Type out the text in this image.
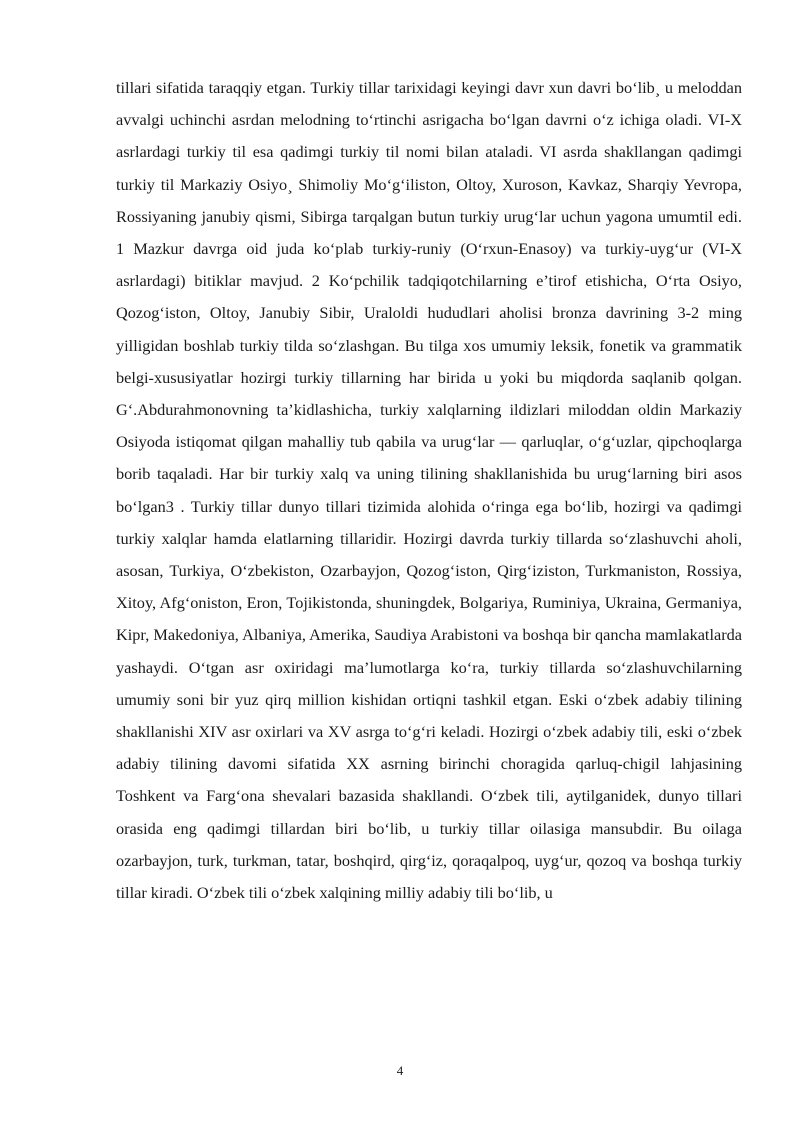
tillari sifatida taraqqiy etgan. Turkiy tillar tarixidagi keyingi davr xun davri bo‘lib¸ u meloddan avvalgi uchinchi asrdan melodning to‘rtinchi asrigacha bo‘lgan davrni o‘z ichiga oladi. VI-X asrlardagi turkiy til esa qadimgi turkiy til nomi bilan ataladi. VI asrda shakllangan qadimgi turkiy til Markaziy Osiyo¸ Shimoliy Mo‘g‘iliston, Oltoy, Xuroson, Kavkaz, Sharqiy Yevropa, Rossiyaning janubiy qismi, Sibirga tarqalgan butun turkiy urug‘lar uchun yagona umumtil edi. 1 Mazkur davrga oid juda ko‘plab turkiy-runiy (O‘rxun-Enasoy) va turkiy-uyg‘ur (VI-X asrlardagi) bitiklar mavjud. 2 Ko‘pchilik tadqiqotchilarning e’tirof etishicha, O‘rta Osiyo, Qozog‘iston, Oltoy, Janubiy Sibir, Uraloldi hududlari aholisi bronza davrining 3-2 ming yilligidan boshlab turkiy tilda so‘zlashgan. Bu tilga xos umumiy leksik, fonetik va grammatik belgi-xususiyatlar hozirgi turkiy tillarning har birida u yoki bu miqdorda saqlanib qolgan. G‘.Abdurahmonovning ta’kidlashicha, turkiy xalqlarning ildizlari miloddan oldin Markaziy Osiyoda istiqomat qilgan mahalliy tub qabila va urug‘lar — qarluqlar, o‘g‘uzlar, qipchoqlarga borib taqaladi. Har bir turkiy xalq va uning tilining shakllanishida bu urug‘larning biri asos bo‘lgan3 . Turkiy tillar dunyo tillari tizimida alohida o‘ringa ega bo‘lib, hozirgi va qadimgi turkiy xalqlar hamda elatlarning tillaridir. Hozirgi davrda turkiy tillarda so‘zlashuvchi aholi, asosan, Turkiya, O‘zbekiston, Ozarbayjon, Qozog‘iston, Qirg‘iziston, Turkmaniston, Rossiya, Xitoy, Afg‘oniston, Eron, Tojikistonda, shuningdek, Bolgariya, Ruminiya, Ukraina, Germaniya, Kipr, Makedoniya, Albaniya, Amerika, Saudiya Arabistoni va boshqa bir qancha mamlakatlarda yashaydi. O‘tgan asr oxiridagi ma’lumotlarga ko‘ra, turkiy tillarda so‘zlashuvchilarning umumiy soni bir yuz qirq million kishidan ortiqni tashkil etgan. Eski o‘zbek adabiy tilining shakllanishi XIV asr oxirlari va XV asrga to‘g‘ri keladi. Hozirgi o‘zbek adabiy tili, eski o‘zbek adabiy tilining davomi sifatida XX asrning birinchi choragida qarluq-chigil lahjasining Toshkent va Farg‘ona shevalari bazasida shakllandi. O‘zbek tili, aytilganidek, dunyo tillari orasida eng qadimgi tillardan biri bo‘lib, u turkiy tillar oilasiga mansubdir. Bu oilaga ozarbayjon, turk, turkman, tatar, boshqird, qirg‘iz, qoraqalpoq, uyg‘ur, qozoq va boshqa turkiy tillar kiradi. O‘zbek tili o‘zbek xalqining milliy adabiy tili bo‘lib, u

4
